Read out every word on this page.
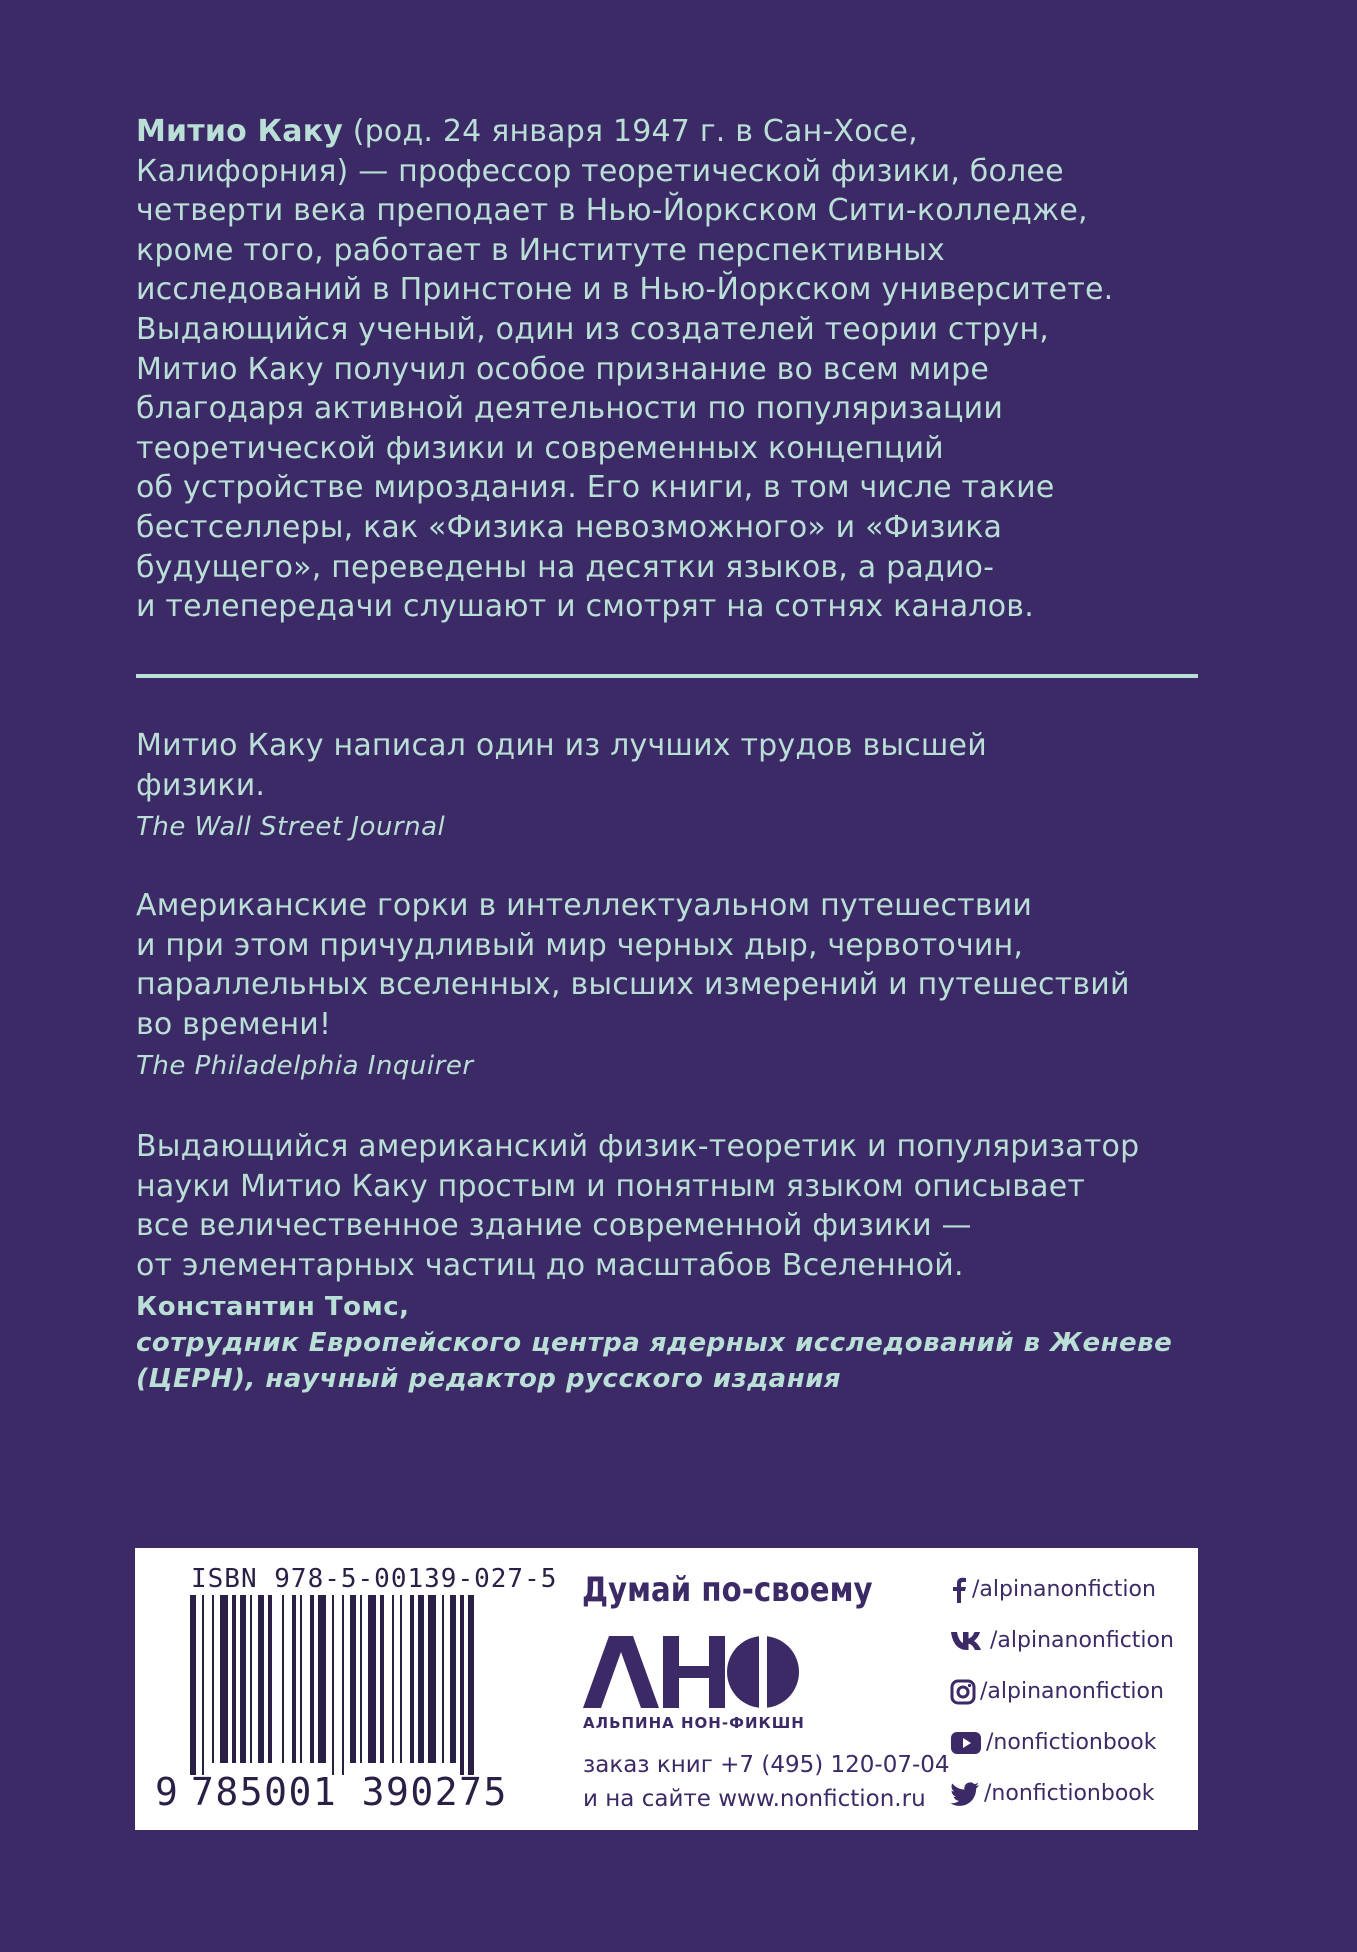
Митио Каку (род. 24 января 1947 г. в Сан-Хосе,
Калифорния) — профессор теоретической физики, более
четверти века преподает в Нью-Йоркском Сити-колледже,
кроме того, работает в Институте перспективных
исследований в Принстоне и в Нью-Йоркском университете.
Выдающийся ученый, один из создателей теории струн,
Митио Каку получил особое признание во всем мире
благодаря активной деятельности по популяризации
теоретической физики и современных концепций
об устройстве мироздания. Его книги, в том числе такие
бестселлеры, как «Физика невозможного» и «Физика
будущего», переведены на десятки языков, а радио-
и телепередачи слушают и смотрят на сотнях каналов.
Митио Каку написал один из лучших трудов высшей
физики.
The Wall Street Journal
Американские горки в интеллектуальном путешествии
и при этом причудливый мир черных дыр, червоточин,
параллельных вселенных, высших измерений и путешествий
во времени!
The Philadelphia Inquirer
Выдающийся американский физик-теоретик и популяризатор
науки Митио Каку простым и понятным языком описывает
все величественное здание современной физики —
от элементарных частиц до масштабов Вселенной.
Константин Томс,
сотрудник Европейского центра ядерных исследований в Женеве
(ЦЕРН), научный редактор русского издания
ISBN 978-5-00139-027-5
9 785001 390275
Думай по-своему
АНФ
АЛЬПИНА НОН-ФИКШН
заказ книг +7 (495) 120-07-04
и на сайте www.nonfiction.ru
/alpinanonfiction
/alpinanonfiction
/alpinanonfiction
/nonfictionbook
/nonfictionbook
